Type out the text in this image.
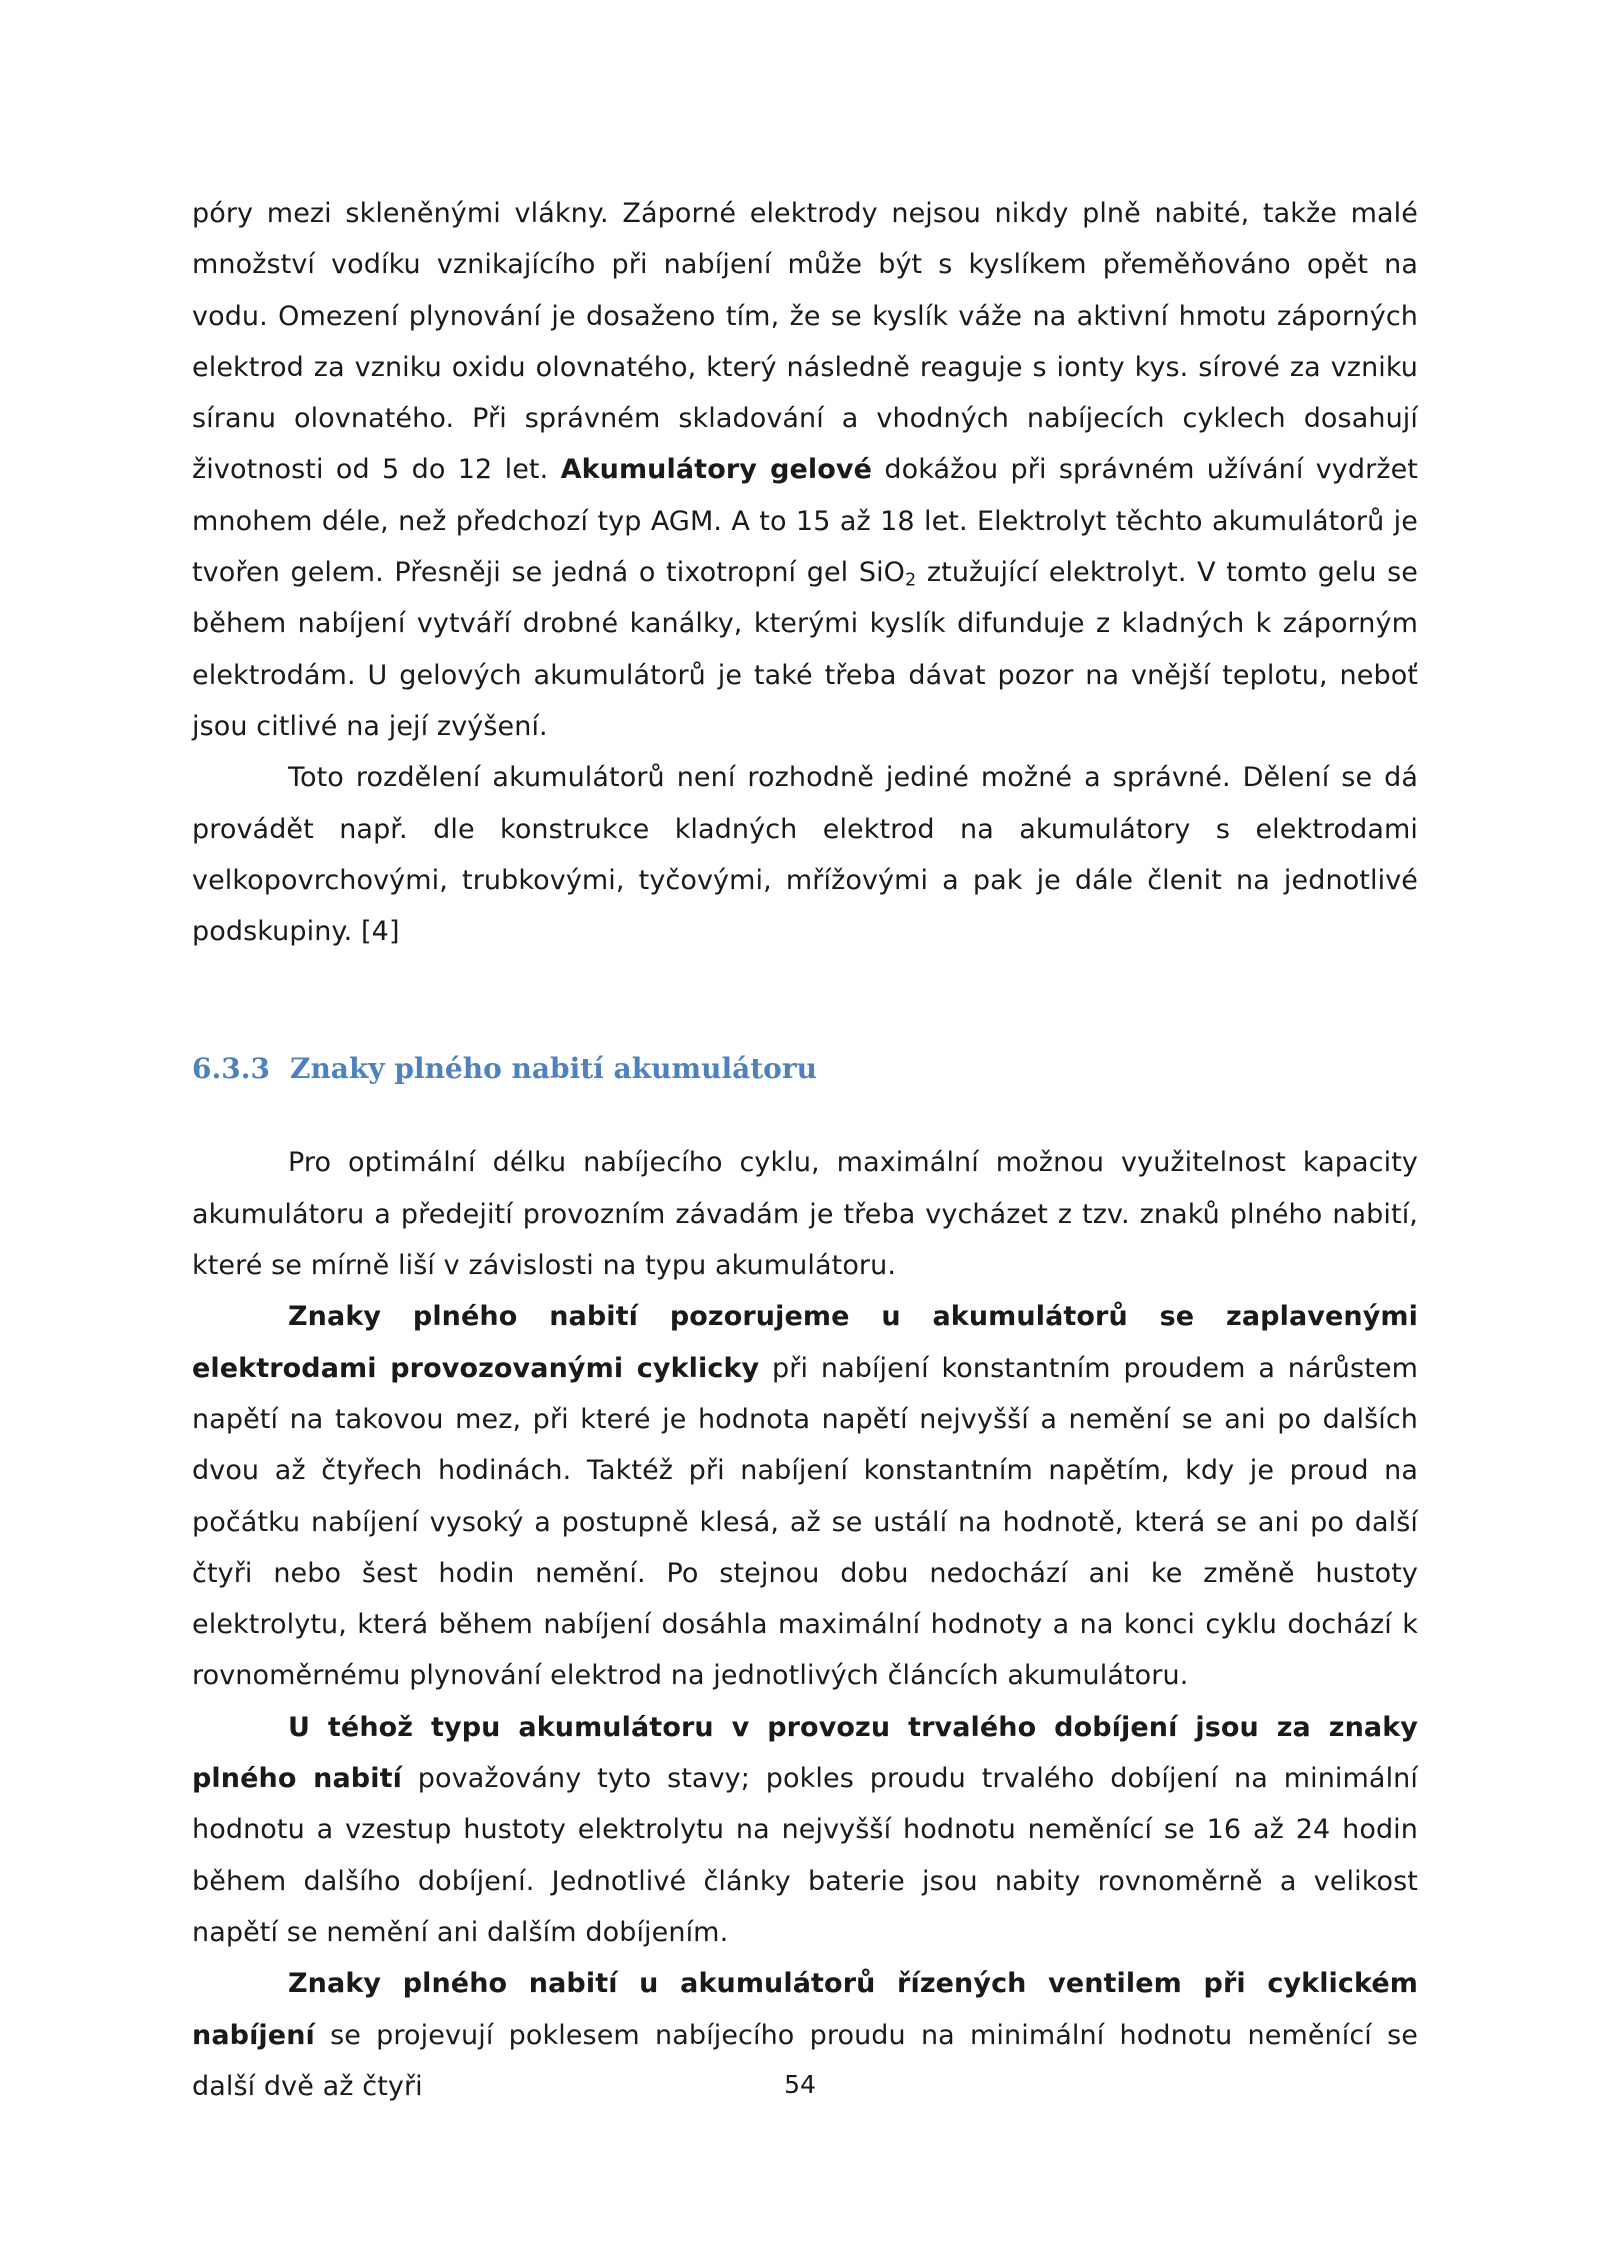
póry mezi skleněnými vlákny. Záporné elektrody nejsou nikdy plně nabité, takže malé množství vodíku vznikajícího při nabíjení může být s kyslíkem přeměňováno opět na vodu. Omezení plynování je dosaženo tím, že se kyslík váže na aktivní hmotu záporných elektrod za vzniku oxidu olovnatého, který následně reaguje s ionty kys. sírové za vzniku síranu olovnatého. Při správném skladování a vhodných nabíjecích cyklech dosahují životnosti od 5 do 12 let. Akumulátory gelové dokážou při správném užívání vydržet mnohem déle, než předchozí typ AGM. A to 15 až 18 let. Elektrolyt těchto akumulátorů je tvořen gelem. Přesněji se jedná o tixotropní gel SiO$_2$ ztužující elektrolyt. V tomto gelu se během nabíjení vytváří drobné kanálky, kterými kyslík difunduje z kladných k záporným elektrodám. U gelových akumulátorů je také třeba dávat pozor na vnější teplotu, neboť jsou citlivé na její zvýšení.

Toto rozdělení akumulátorů není rozhodně jediné možné a správné. Dělení se dá provádět např. dle konstrukce kladných elektrod na akumulátory s elektrodami velkopovrchovými, trubkovými, tyčovými, mřížovými a pak je dále členit na jednotlivé podskupiny. [4]

6.3.3 Znaky plného nabití akumulátoru

Pro optimální délku nabíjecího cyklu, maximální možnou využitelnost kapacity akumulátoru a předejití provozním závadám je třeba vycházet z tzv. znaků plného nabití, které se mírně liší v závislosti na typu akumulátoru.

Znaky plného nabití pozorujeme u akumulátorů se zaplavenými elektrodami provozovanými cyklicky při nabíjení konstantním proudem a nárůstem napětí na takovou mez, při které je hodnota napětí nejvyšší a nemění se ani po dalších dvou až čtyřech hodinách. Taktéž při nabíjení konstantním napětím, kdy je proud na počátku nabíjení vysoký a postupně klesá, až se ustálí na hodnotě, která se ani po další čtyři nebo šest hodin nemění. Po stejnou dobu nedochází ani ke změně hustoty elektrolytu, která během nabíjení dosáhla maximální hodnoty a na konci cyklu dochází k rovnoměrnému plynování elektrod na jednotlivých článcích akumulátoru.

U téhož typu akumulátoru v provozu trvalého dobíjení jsou za znaky plného nabití považovány tyto stavy; pokles proudu trvalého dobíjení na minimální hodnotu a vzestup hustoty elektrolytu na nejvyšší hodnotu neměnící se 16 až 24 hodin během dalšího dobíjení. Jednotlivé články baterie jsou nabity rovnoměrně a velikost napětí se nemění ani dalším dobíjením.

Znaky plného nabití u akumulátorů řízených ventilem při cyklickém nabíjení se projevují poklesem nabíjecího proudu na minimální hodnotu neměnící se další dvě až čtyři	54
